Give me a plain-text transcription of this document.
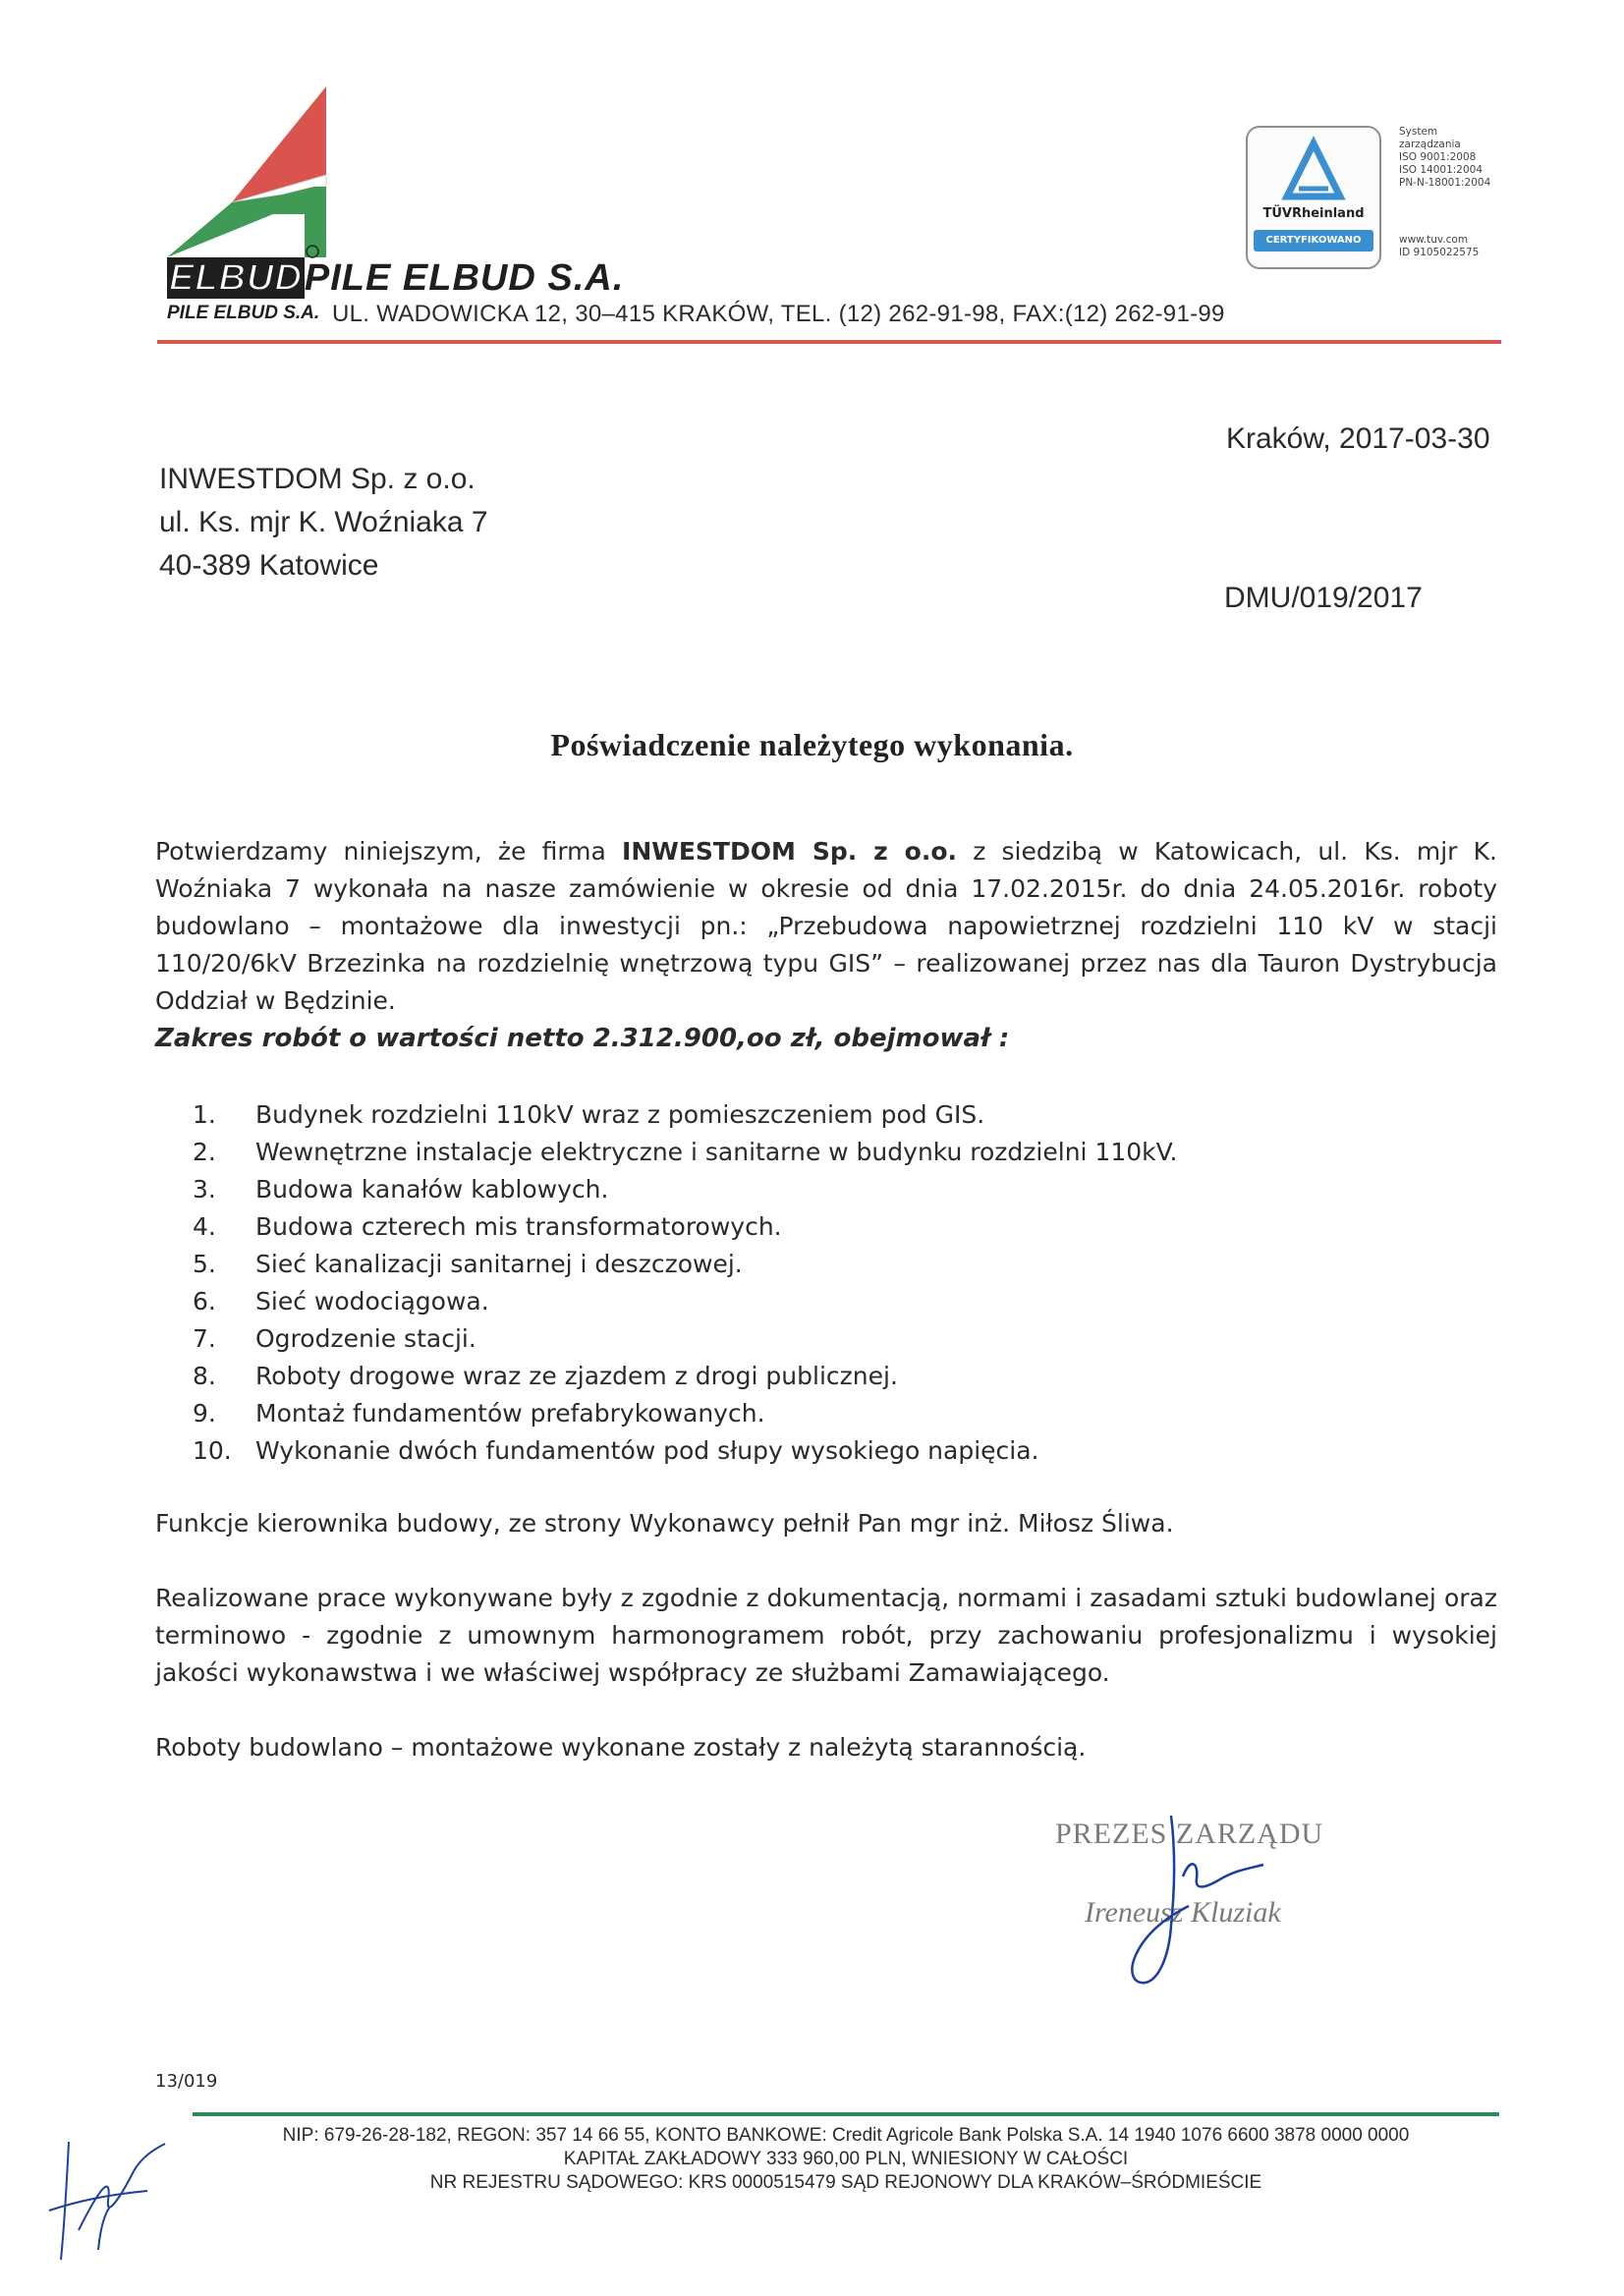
ELBUDPILE ELBUD S.A.
PILE ELBUD S.A. UL. WADOWICKA 12, 30–415 KRAKÓW, TEL. (12) 262-91-98, FAX:(12) 262-91-99
TÜVRheinland
CERTYFIKOWANO
System
zarządzania
ISO 9001:2008
ISO 14001:2004
PN-N-18001:2004
www.tuv.com
ID 9105022575
INWESTDOM Sp. z o.o.
ul. Ks. mjr K. Woźniaka 7
40-389 Katowice
Kraków, 2017-03-30
DMU/019/2017
Poświadczenie należytego wykonania.
Potwierdzamy niniejszym, że firma INWESTDOM Sp. z o.o. z siedzibą w Katowicach, ul. Ks. mjr K. Woźniaka 7 wykonała na nasze zamówienie w okresie od dnia 17.02.2015r. do dnia 24.05.2016r. roboty budowlano – montażowe dla inwestycji pn.: „Przebudowa napowietrznej rozdzielni 110 kV w stacji 110/20/6kV Brzezinka na rozdzielnię wnętrzową typu GIS” – realizowanej przez nas dla Tauron Dystrybucja Oddział w Będzinie.
Zakres robót o wartości netto 2.312.900,oo zł, obejmował :
1.	Budynek rozdzielni 110kV wraz z pomieszczeniem pod GIS.
2.	Wewnętrzne instalacje elektryczne i sanitarne w budynku rozdzielni 110kV.
3.	Budowa kanałów kablowych.
4.	Budowa czterech mis transformatorowych.
5.	Sieć kanalizacji sanitarnej i deszczowej.
6.	Sieć wodociągowa.
7.	Ogrodzenie stacji.
8.	Roboty drogowe wraz ze zjazdem z drogi publicznej.
9.	Montaż fundamentów prefabrykowanych.
10. Wykonanie dwóch fundamentów pod słupy wysokiego napięcia.
Funkcje kierownika budowy, ze strony Wykonawcy pełnił Pan mgr inż. Miłosz Śliwa.
Realizowane prace wykonywane były z zgodnie z dokumentacją, normami i zasadami sztuki budowlanej oraz terminowo - zgodnie z umownym harmonogramem robót, przy zachowaniu profesjonalizmu i wysokiej jakości wykonawstwa i we właściwej współpracy ze służbami Zamawiającego.
Roboty budowlano – montażowe wykonane zostały z należytą starannością.
PREZES ZARZĄDU
Ireneusz Kluziak
13/019
NIP: 679-26-28-182, REGON: 357 14 66 55, KONTO BANKOWE: Credit Agricole Bank Polska S.A. 14 1940 1076 6600 3878 0000 0000
KAPITAŁ ZAKŁADOWY 333 960,00 PLN, WNIESIONY W CAŁOŚCI
NR REJESTRU SĄDOWEGO: KRS 0000515479 SĄD REJONOWY DLA KRAKÓW–ŚRÓDMIEŚCIE
